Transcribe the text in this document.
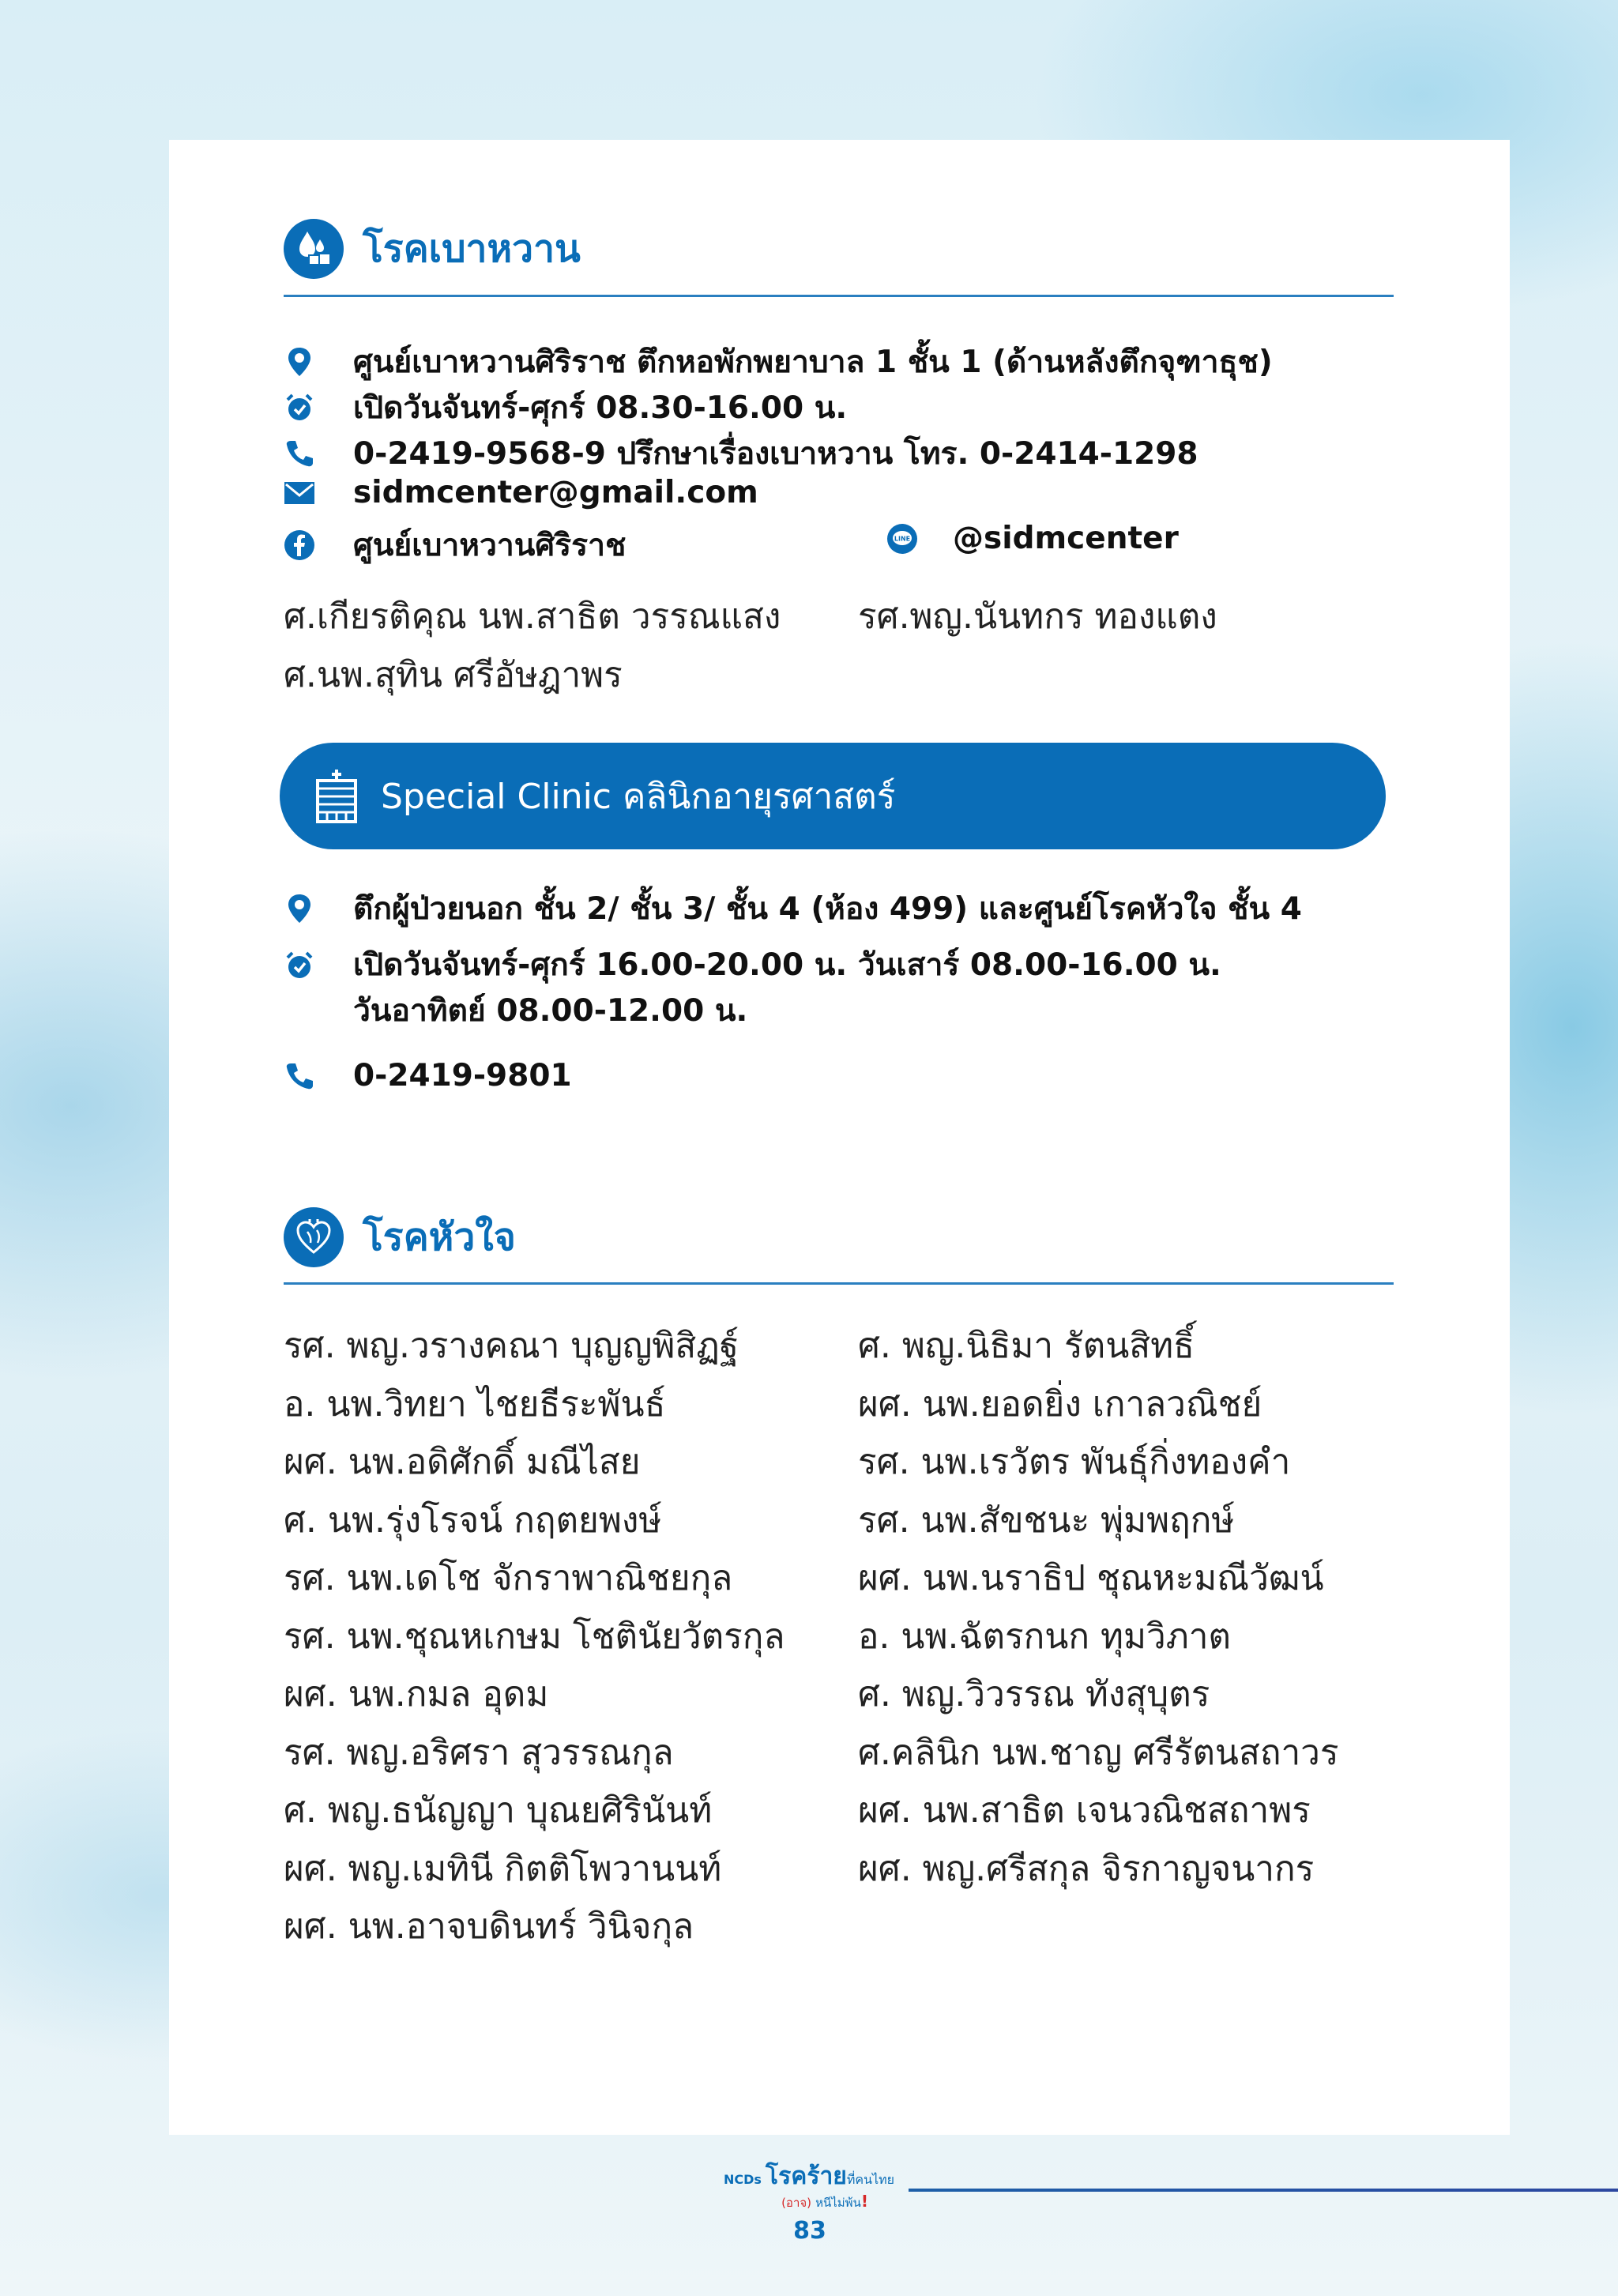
โรคเบาหวาน
ศูนย์เบาหวานศิริราช ตึกหอพักพยาบาล 1 ชั้น 1 (ด้านหลังตึกจุฑาธุช)
เปิดวันจันทร์-ศุกร์ 08.30-16.00 น.
0-2419-9568-9 ปรึกษาเรื่องเบาหวาน โทร. 0-2414-1298
sidmcenter@gmail.com
ศูนย์เบาหวานศิริราช	LINE @sidmcenter
ศ.เกียรติคุณ นพ.สาธิต วรรณแสง
ศ.นพ.สุทิน ศรีอัษฎาพร
รศ.พญ.นันทกร ทองแตง
Special Clinic คลินิกอายุรศาสตร์
ตึกผู้ป่วยนอก ชั้น 2/ ชั้น 3/ ชั้น 4 (ห้อง 499) และศูนย์โรคหัวใจ ชั้น 4
เปิดวันจันทร์-ศุกร์ 16.00-20.00 น. วันเสาร์ 08.00-16.00 น.
วันอาทิตย์ 08.00-12.00 น.
0-2419-9801
โรคหัวใจ
รศ. พญ.วรางคณา บุญญพิสิฏฐ์
อ. นพ.วิทยา ไชยธีระพันธ์
ผศ. นพ.อดิศักดิ์ มณีไสย
ศ. นพ.รุ่งโรจน์ กฤตยพงษ์
รศ. นพ.เดโช จักราพาณิชยกุล
รศ. นพ.ชุณหเกษม โชตินัยวัตรกุล
ผศ. นพ.กมล อุดม
รศ. พญ.อริศรา สุวรรณกุล
ศ. พญ.ธนัญญา บุณยศิรินันท์
ผศ. พญ.เมทินี กิตติโพวานนท์
ผศ. นพ.อาจบดินทร์ วินิจกุล
ศ. พญ.นิธิมา รัตนสิทธิ์
ผศ. นพ.ยอดยิ่ง เกาลวณิชย์
รศ. นพ.เรวัตร พันธุ์กิ่งทองคำ
รศ. นพ.สัขชนะ พุ่มพฤกษ์
ผศ. นพ.นราธิป ชุณหะมณีวัฒน์
อ. นพ.ฉัตรกนก ทุมวิภาต
ศ. พญ.วิวรรณ ทังสุบุตร
ศ.คลินิก นพ.ชาญ ศรีรัตนสถาวร
ผศ. นพ.สาธิต เจนวณิชสถาพร
ผศ. พญ.ศรีสกุล จิรกาญจนากร
NCDs โรคร้ายที่คนไทย
(อาจ) หนีไม่พ้น!
83
